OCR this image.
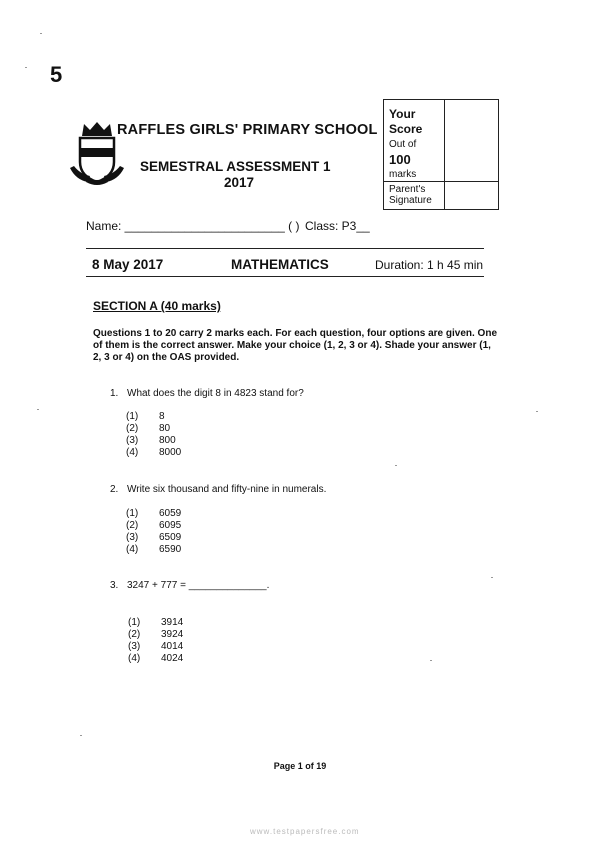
5
RAFFLES GIRLS' PRIMARY SCHOOL
SEMESTRAL ASSESSMENT 1
2017
Your
Score
Out of
100
marks
Parent's Signature
Name: ________________________ ( ) Class: P3__
8 May 2017	MATHEMATICS	Duration: 1 h 45 min
SECTION A (40 marks)
Questions 1 to 20 carry 2 marks each. For each question, four options are given. One of them is the correct answer. Make your choice (1, 2, 3 or 4). Shade your answer (1, 2, 3 or 4) on the OAS provided.
1. What does the digit 8 in 4823 stand for?
(1) 8
(2) 80
(3) 800
(4) 8000
2. Write six thousand and fifty-nine in numerals.
(1) 6059
(2) 6095
(3) 6509
(4) 6590
3. 3247 + 777 = ______________.
(1) 3914
(2) 3924
(3) 4014
(4) 4024
Page 1 of 19
www.testpapersfree.com
